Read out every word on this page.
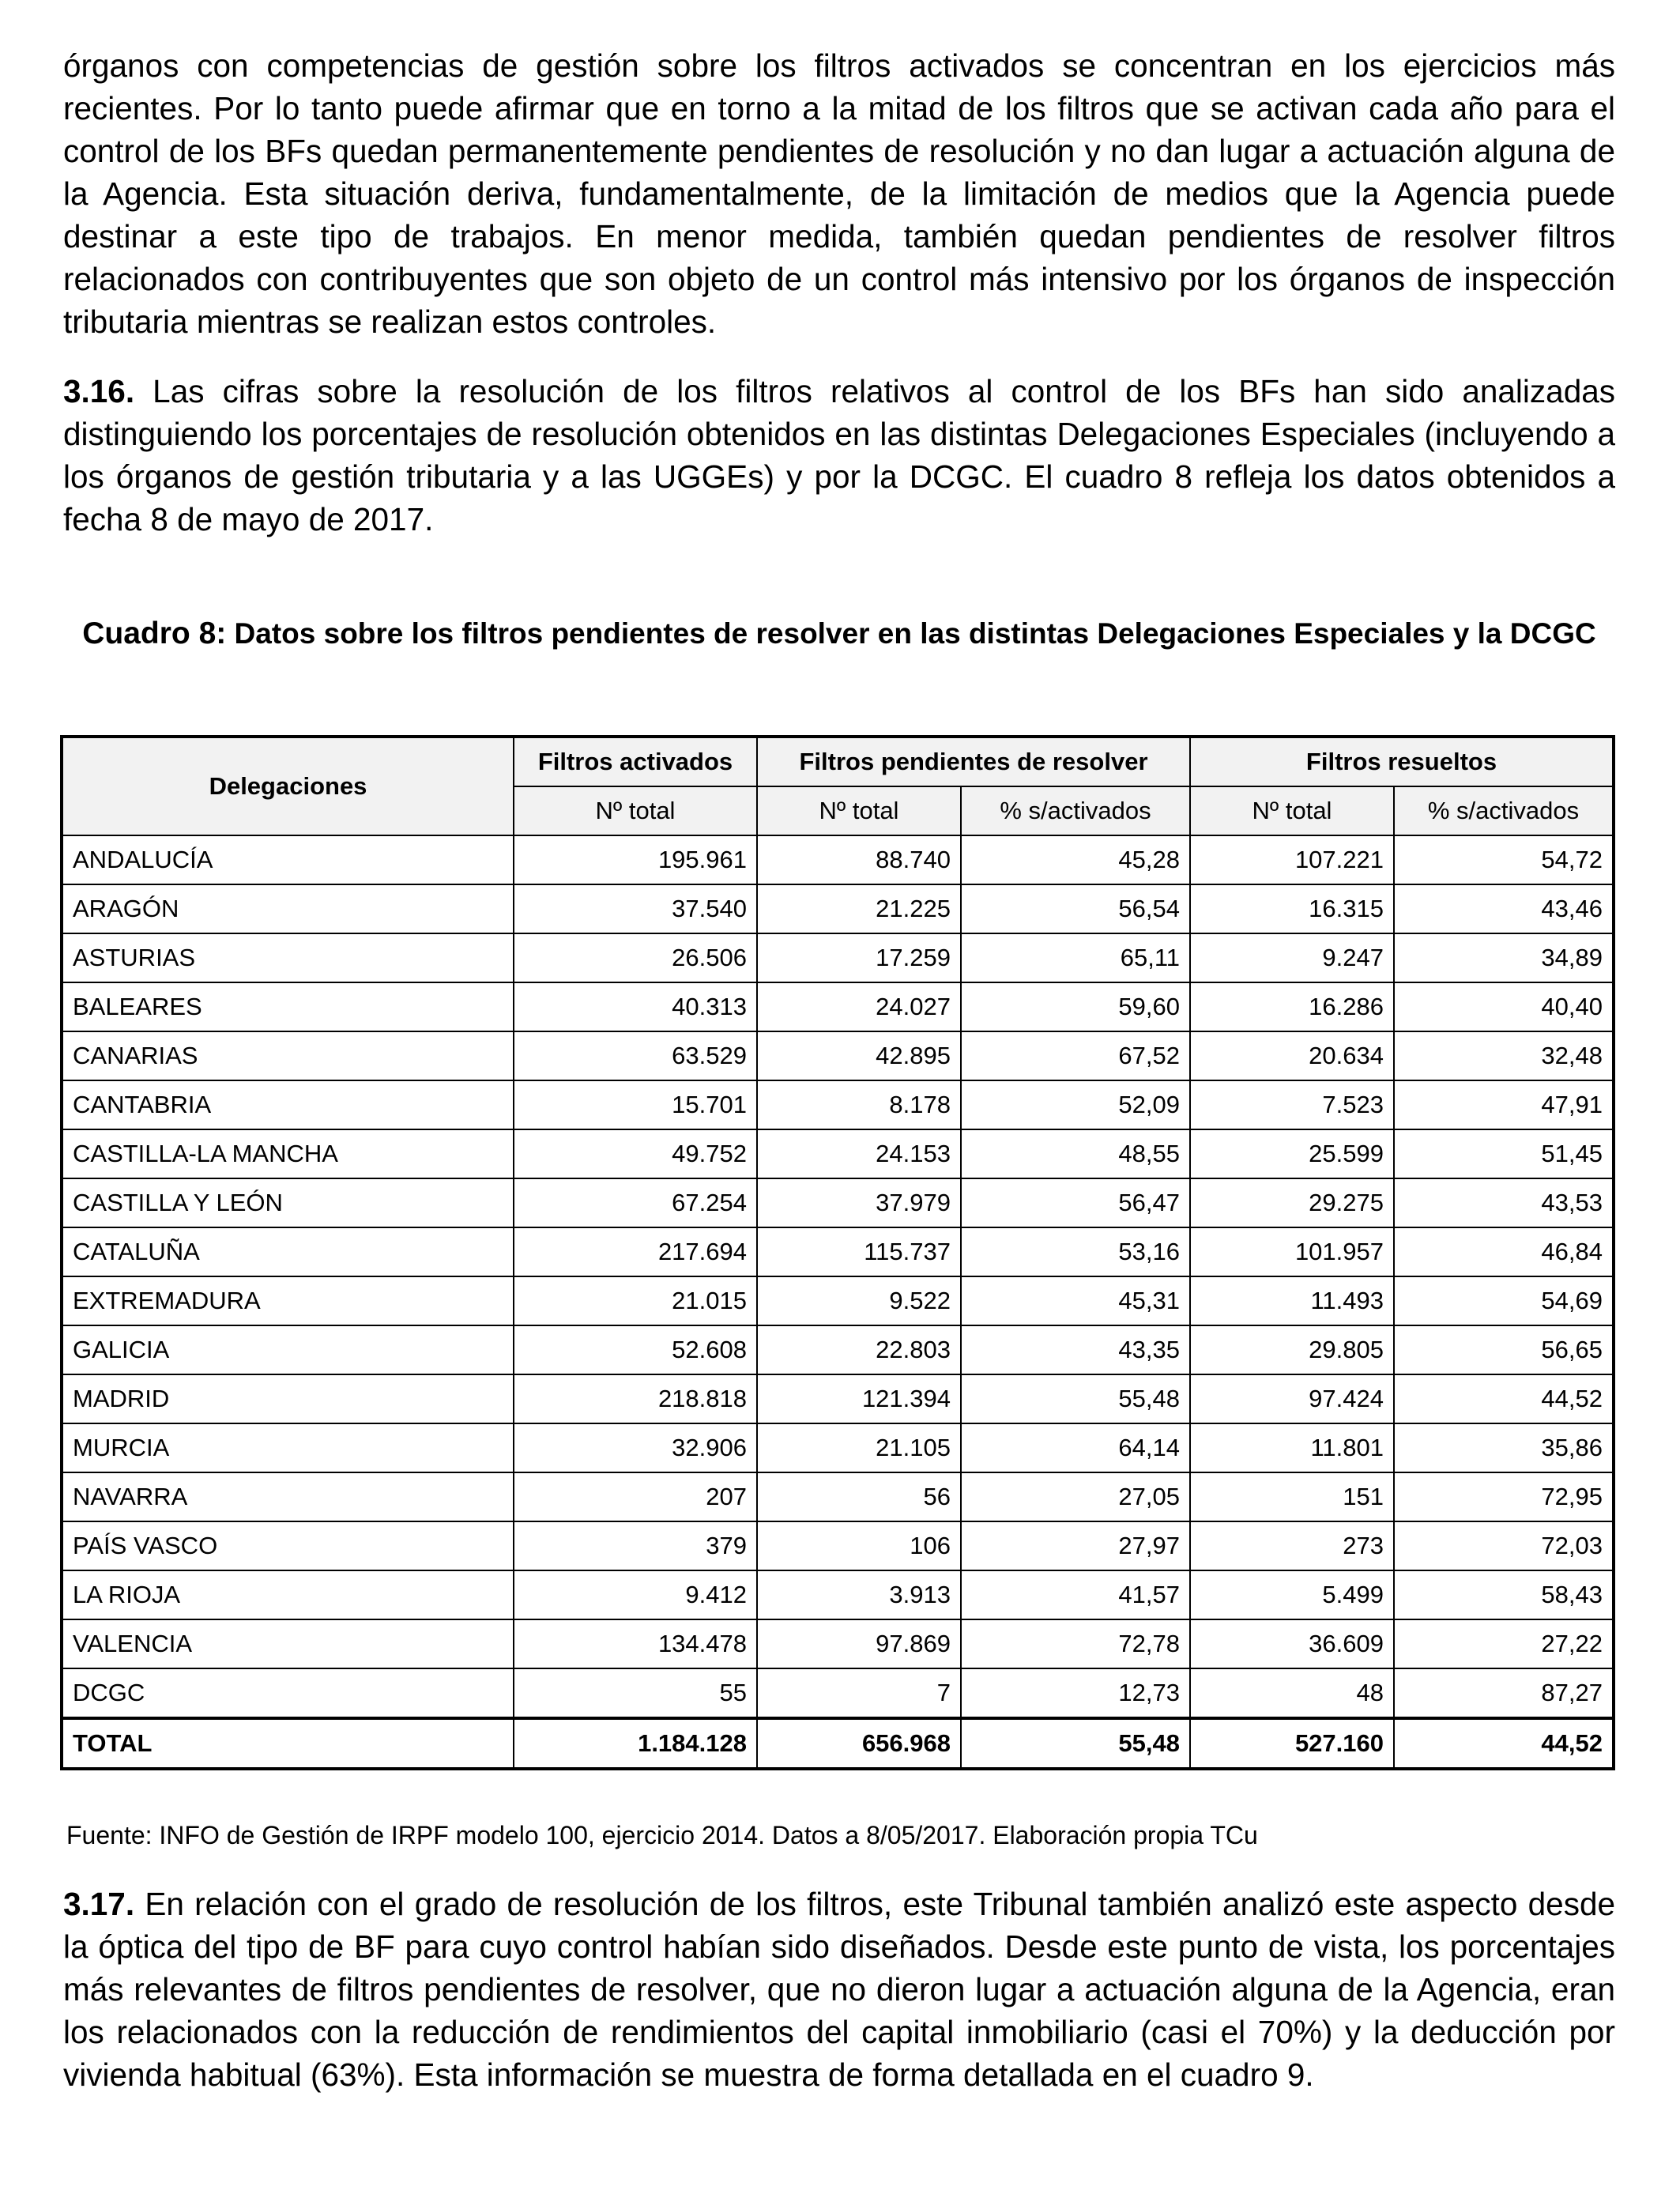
órganos con competencias de gestión sobre los filtros activados se concentran en los ejercicios más recientes. Por lo tanto puede afirmar que en torno a la mitad de los filtros que se activan cada año para el control de los BFs quedan permanentemente pendientes de resolución y no dan lugar a actuación alguna de la Agencia. Esta situación deriva, fundamentalmente, de la limitación de medios que la Agencia puede destinar a este tipo de trabajos. En menor medida, también quedan pendientes de resolver filtros relacionados con contribuyentes que son objeto de un control más intensivo por los órganos de inspección tributaria mientras se realizan estos controles.

3.16. Las cifras sobre la resolución de los filtros relativos al control de los BFs han sido analizadas distinguiendo los porcentajes de resolución obtenidos en las distintas Delegaciones Especiales (incluyendo a los órganos de gestión tributaria y a las UGGEs) y por la DCGC. El cuadro 8 refleja los datos obtenidos a fecha 8 de mayo de 2017.

Cuadro 8: Datos sobre los filtros pendientes de resolver en las distintas Delegaciones Especiales y la DCGC
Delegaciones	Filtros activados	Filtros pendientes de resolver		Filtros resueltos	
	Nº total	Nº total	% s/activados	Nº total	% s/activados
ANDALUCÍA	195.961	88.740	45,28	107.221	54,72
ARAGÓN	37.540	21.225	56,54	16.315	43,46
ASTURIAS	26.506	17.259	65,11	9.247	34,89
BALEARES	40.313	24.027	59,60	16.286	40,40
CANARIAS	63.529	42.895	67,52	20.634	32,48
CANTABRIA	15.701	8.178	52,09	7.523	47,91
CASTILLA-LA MANCHA	49.752	24.153	48,55	25.599	51,45
CASTILLA Y LEÓN	67.254	37.979	56,47	29.275	43,53
CATALUÑA	217.694	115.737	53,16	101.957	46,84
EXTREMADURA	21.015	9.522	45,31	11.493	54,69
GALICIA	52.608	22.803	43,35	29.805	56,65
MADRID	218.818	121.394	55,48	97.424	44,52
MURCIA	32.906	21.105	64,14	11.801	35,86
NAVARRA	207	56	27,05	151	72,95
PAÍS VASCO	379	106	27,97	273	72,03
LA RIOJA	9.412	3.913	41,57	5.499	58,43
VALENCIA	134.478	97.869	72,78	36.609	27,22
DCGC	55	7	12,73	48	87,27
TOTAL	1.184.128	656.968	55,48	527.160	44,52
Fuente: INFO de Gestión de IRPF modelo 100, ejercicio 2014. Datos a 8/05/2017. Elaboración propia TCu

3.17. En relación con el grado de resolución de los filtros, este Tribunal también analizó este aspecto desde la óptica del tipo de BF para cuyo control habían sido diseñados. Desde este punto de vista, los porcentajes más relevantes de filtros pendientes de resolver, que no dieron lugar a actuación alguna de la Agencia, eran los relacionados con la reducción de rendimientos del capital inmobiliario (casi el 70%) y la deducción por vivienda habitual (63%). Esta información se muestra de forma detallada en el cuadro 9.
